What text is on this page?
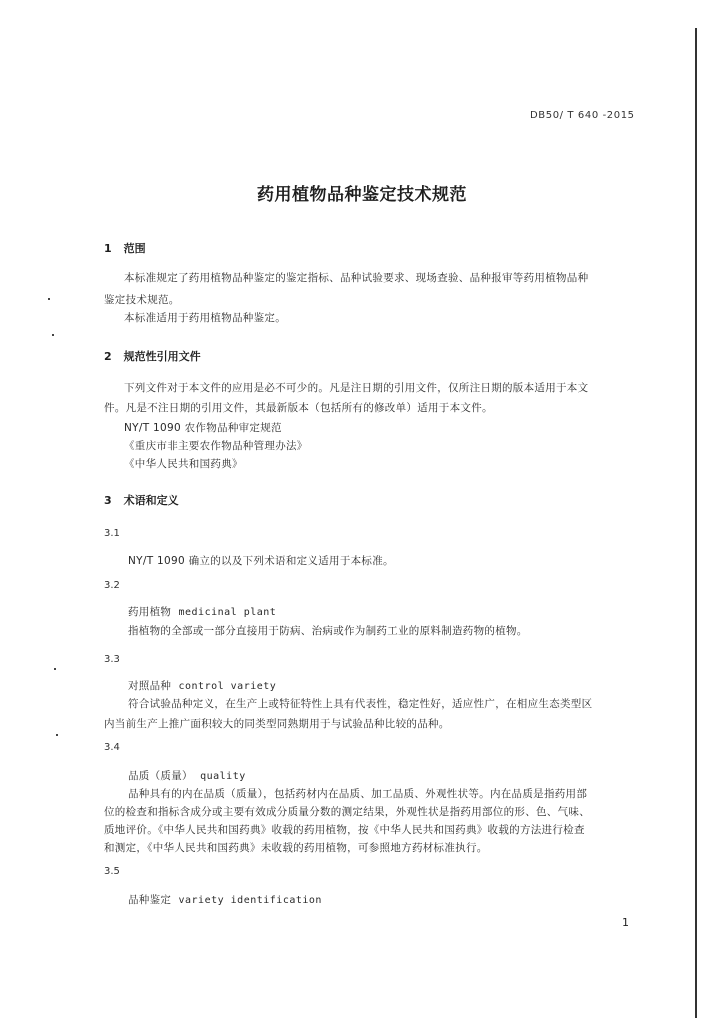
DB50/ T 640 -2015
药用植物品种鉴定技术规范
1 范围
本标准规定了药用植物品种鉴定的鉴定指标、品种试验要求、现场查验、品种报审等药用植物品种
鉴定技术规范。
本标准适用于药用植物品种鉴定。
2 规范性引用文件
下列文件对于本文件的应用是必不可少的。凡是注日期的引用文件，仅所注日期的版本适用于本文
件。凡是不注日期的引用文件，其最新版本（包括所有的修改单）适用于本文件。
NY/T 1090 农作物品种审定规范
《重庆市非主要农作物品种管理办法》
《中华人民共和国药典》
3 术语和定义
3.1
NY/T 1090 确立的以及下列术语和定义适用于本标准。
3.2
药用植物 medicinal plant
指植物的全部或一部分直接用于防病、治病或作为制药工业的原料制造药物的植物。
3.3
对照品种 control variety
符合试验品种定义，在生产上或特征特性上具有代表性，稳定性好，适应性广，在相应生态类型区
内当前生产上推广面积较大的同类型同熟期用于与试验品种比较的品种。
3.4
品质（质量） quality
品种具有的内在品质（质量），包括药材内在品质、加工品质、外观性状等。内在品质是指药用部
位的检查和指标含成分或主要有效成分质量分数的测定结果，外观性状是指药用部位的形、色、气味、
质地评价。《中华人民共和国药典》收载的药用植物，按《中华人民共和国药典》收载的方法进行检查
和测定，《中华人民共和国药典》未收载的药用植物，可参照地方药材标准执行。
3.5
品种鉴定 variety identification
1
